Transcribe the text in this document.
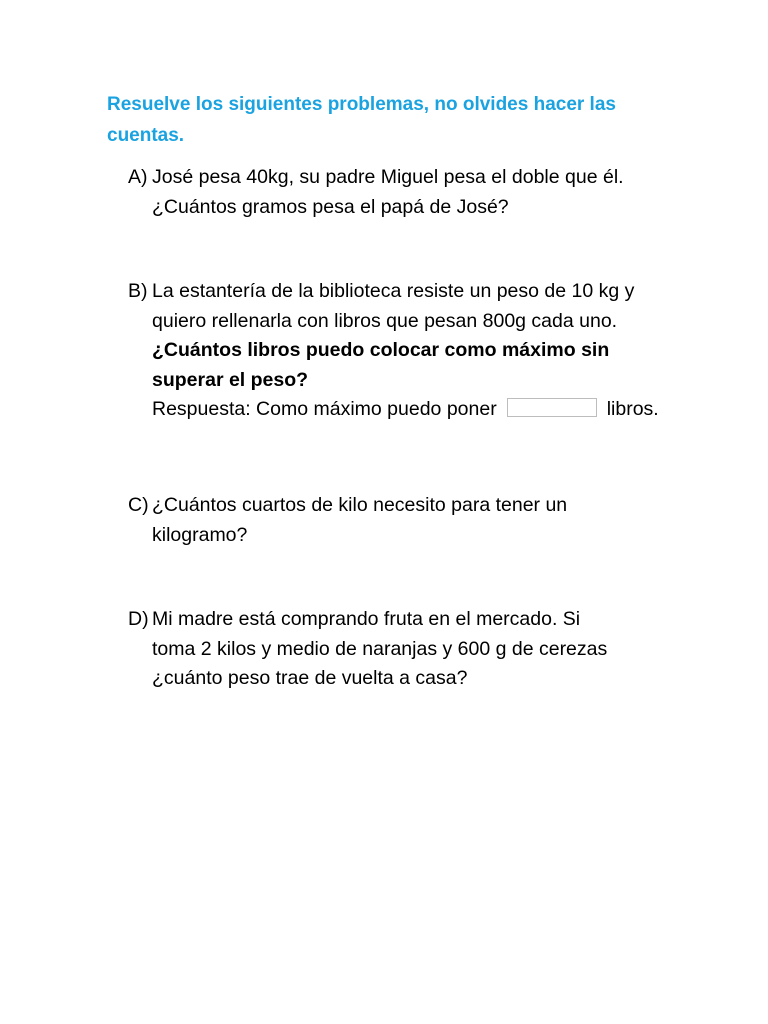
Resuelve los siguientes problemas, no olvides hacer las
cuentas.
A) José pesa 40kg, su padre Miguel pesa el doble que él.
¿Cuántos gramos pesa el papá de José?
B) La estantería de la biblioteca resiste un peso de 10 kg y
quiero rellenarla con libros que pesan 800g cada uno.
¿Cuántos libros puedo colocar como máximo sin
superar el peso?
Respuesta: Como máximo puedo poner	libros.
C) ¿Cuántos cuartos de kilo necesito para tener un
kilogramo?
D) Mi madre está comprando fruta en el mercado. Si
toma 2 kilos y medio de naranjas y 600 g de cerezas
¿cuánto peso trae de vuelta a casa?
